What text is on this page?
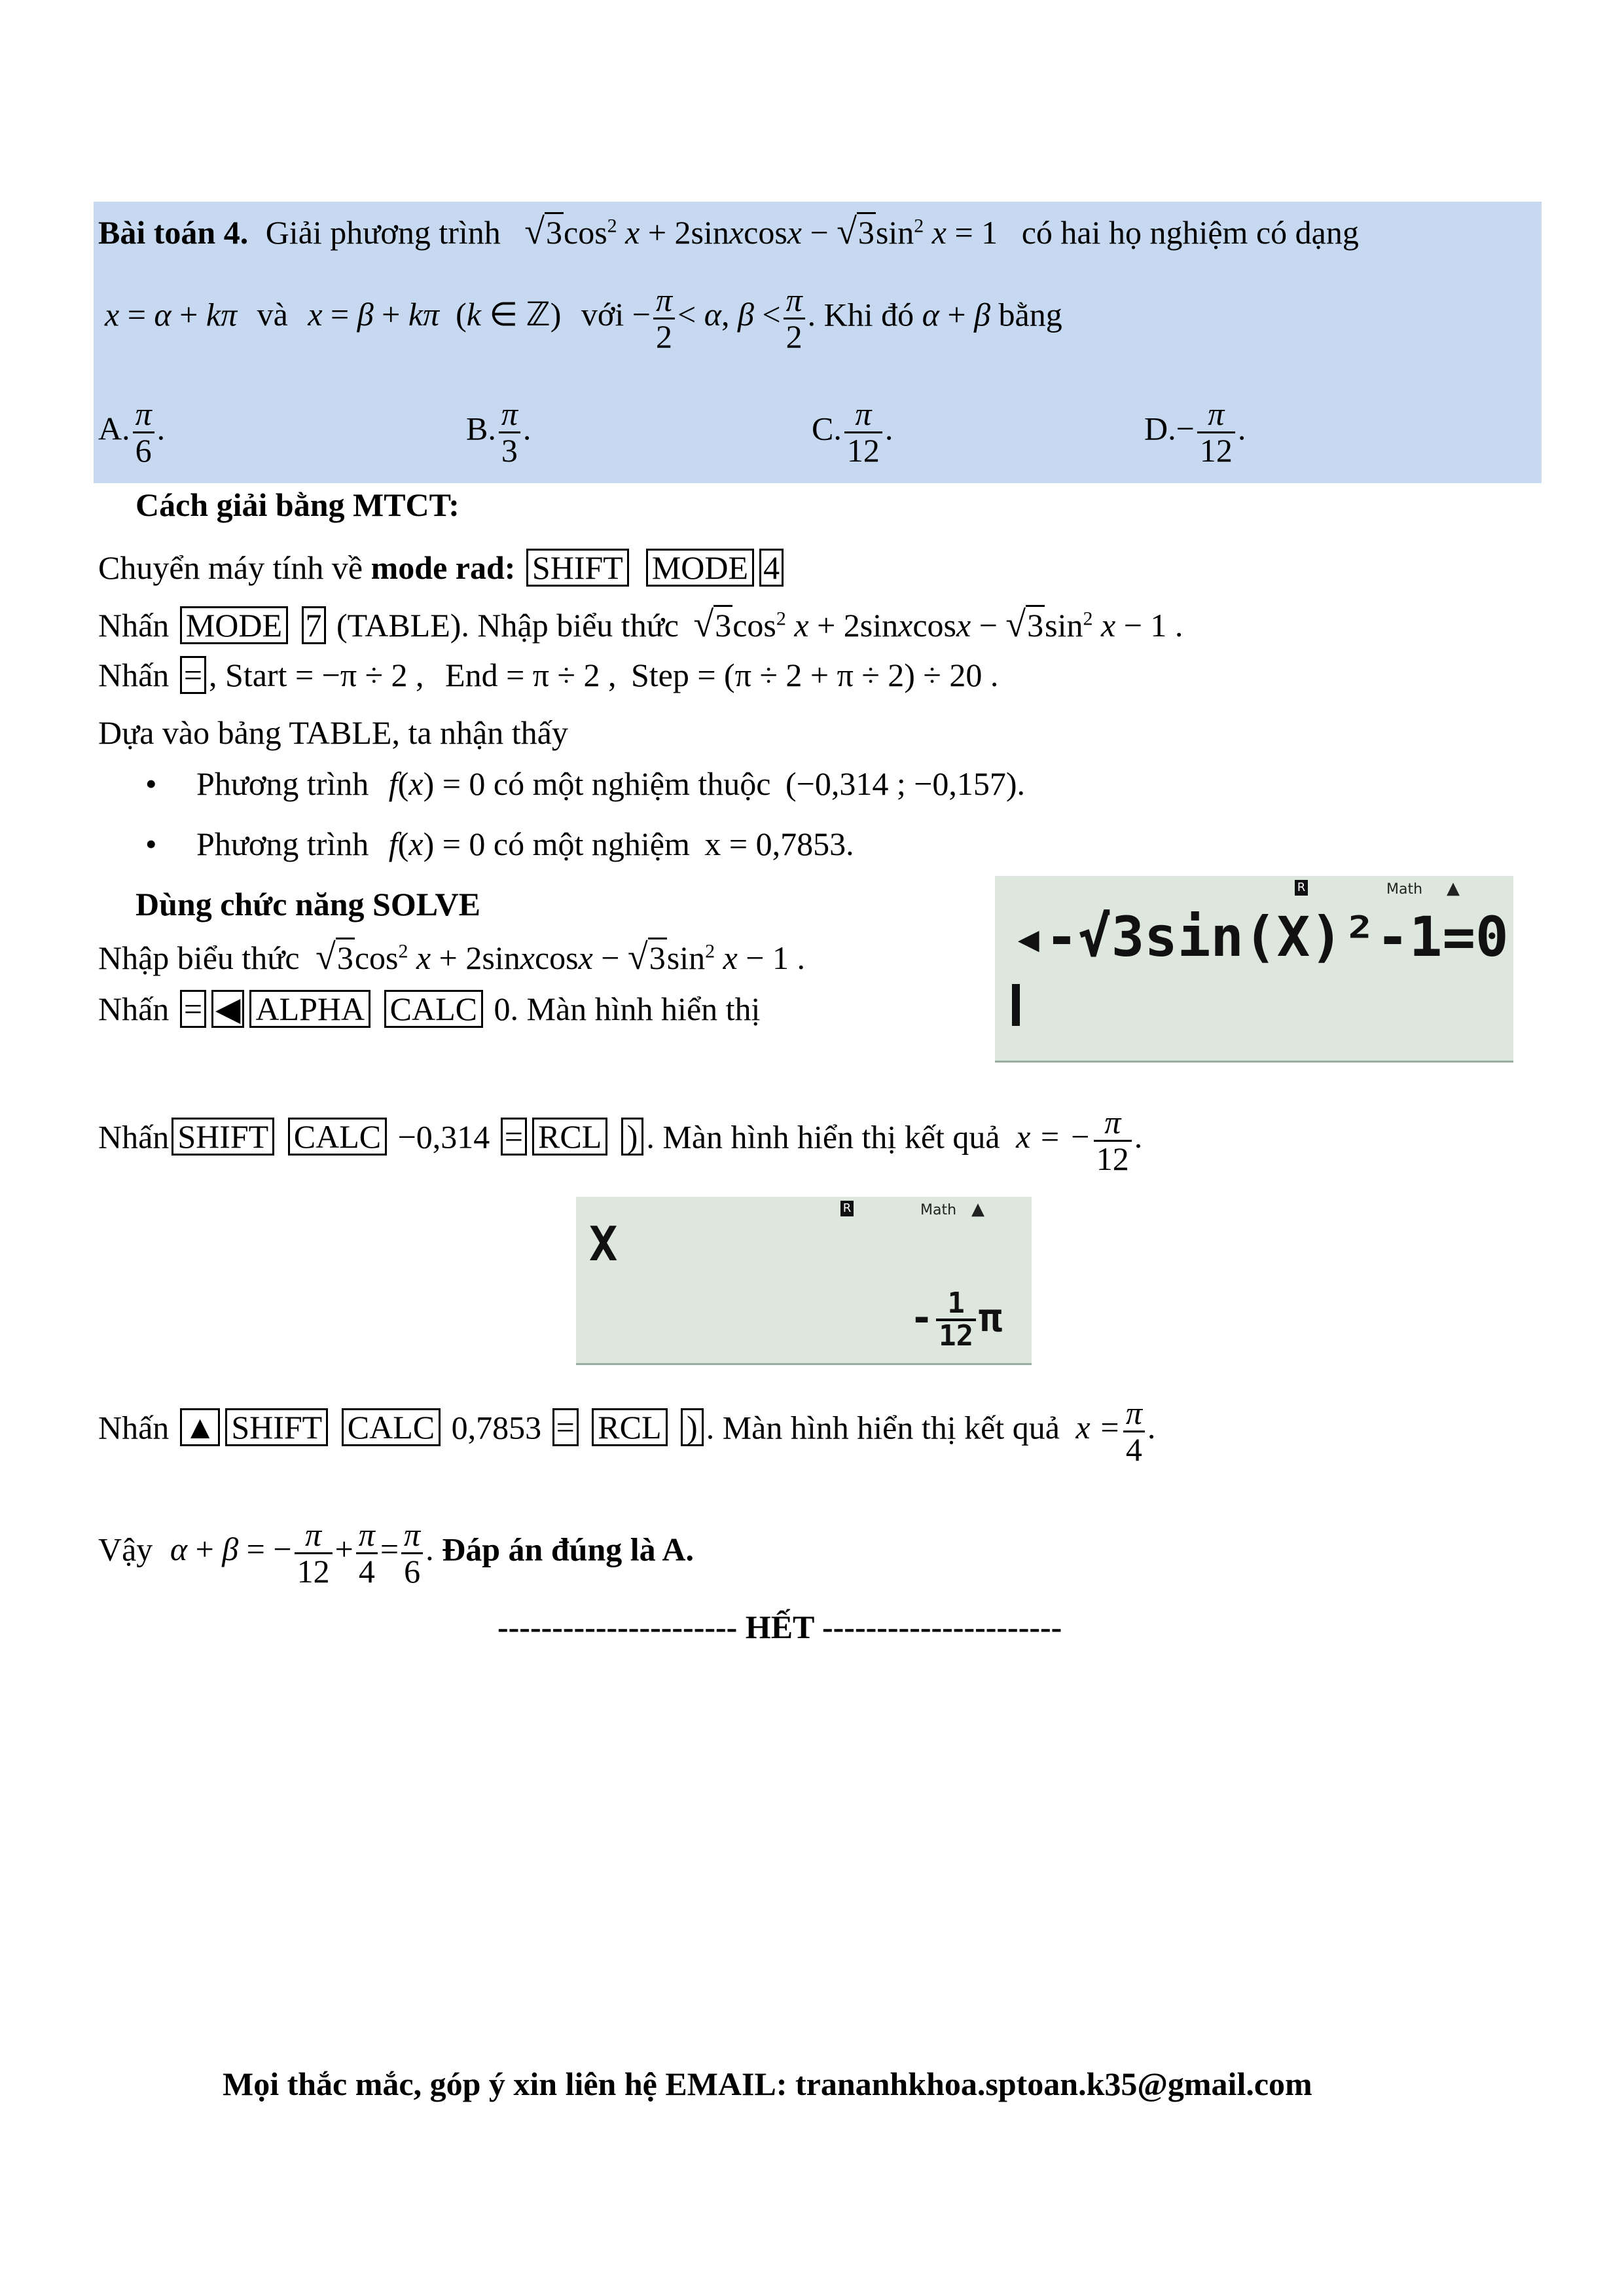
Bài toán 4. Giải phương trình $√3\cos^2$ x + 2sinxcosx − $√3\sin^2$ x = 1 có hai họ nghiệm có dạng
x = α + kπ và x = β + kπ  (k ∈ ℤ) với − $\frac{\pi}{2} < \alpha$, $\beta < \frac{\pi}{2}$ . Khi đó α + β bằng
A. $\frac{\pi}{6}$ .	B. $\frac{\pi}{3}$ .	C. $\frac{\pi}{12}$ .	$D.- \frac{\pi}{12}$ .
Cách giải bằng MTCT:
Chuyển máy tính về mode rad: SHIFT MODE 4
Nhấn MODE 7 (TABLE). Nhập biểu thức $√3\cos^2$ x + 2sinxcosx − $√3\sin^2$ x − 1 .
Nhấn = , Start = −π ÷ 2 , End = π ÷ 2 , Step = (π ÷ 2 + π ÷ 2) ÷ 20 .
Dựa vào bảng TABLE, ta nhận thấy
• Phương trình f(x) = 0 có một nghiệm thuộc (−0,314 ; −0,157).
• Phương trình f(x) = 0 có một nghiệm x = 0,7853.
Dùng chức năng SOLVE
Nhập biểu thức $√3\cos^2$ x + 2sinxcosx − $√3\sin^2$ x − 1 .
Nhấn = ◀ ALPHA CALC 0. Màn hình hiển thị
R	Math ▲
◂-√3sin(X)²-1=0
Nhấn SHIFT CALC −0,314 = RCL ) . Màn hình hiển thị kết quả x = − $\frac{\pi}{12}$ .
R	Math ▲
X
- $\frac{1}{12}$ π
Nhấn ▲ SHIFT CALC 0,7853 = RCL ) . Màn hình hiển thị kết quả $x = \frac{\pi}{4}$ .
Vậy α + β = − $\frac{\pi}{12} + \frac{\pi}{4} = \frac{\pi}{6}$ . Đáp án đúng là A.
---------------------- HẾT ----------------------
Mọi thắc mắc, góp ý xin liên hệ EMAIL: trananhkhoa.sptoan.k35@gmail.com
